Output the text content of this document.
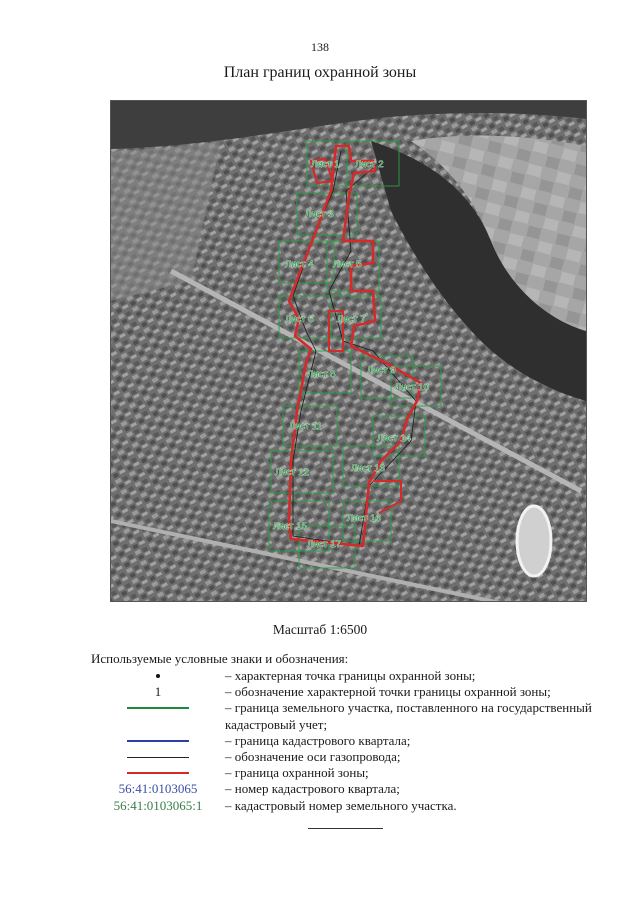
138
План границ охранной зоны
Лист 1 Лист 2
Лист 3
Лист 4 Лист 5
Лист 6 Лист 7
Лист 8	Лист 9
Лист 10
Лист 11
Лист 12	Лист 13
Лист 14
Лист 15
Лист 16
Лист 17
Масштаб 1:6500
Используемые условные знаки и обозначения:
– характерная точка границы охранной зоны;
1	– обозначение характерной точки границы охранной зоны;
– граница земельного участка, поставленного на государственный кадастровый учет;
– граница кадастрового квартала;
– обозначение оси газопровода;
– граница охранной зоны;
56:41:0103065 – номер кадастрового квартала;
56:41:0103065:1 – кадастровый номер земельного участка.
